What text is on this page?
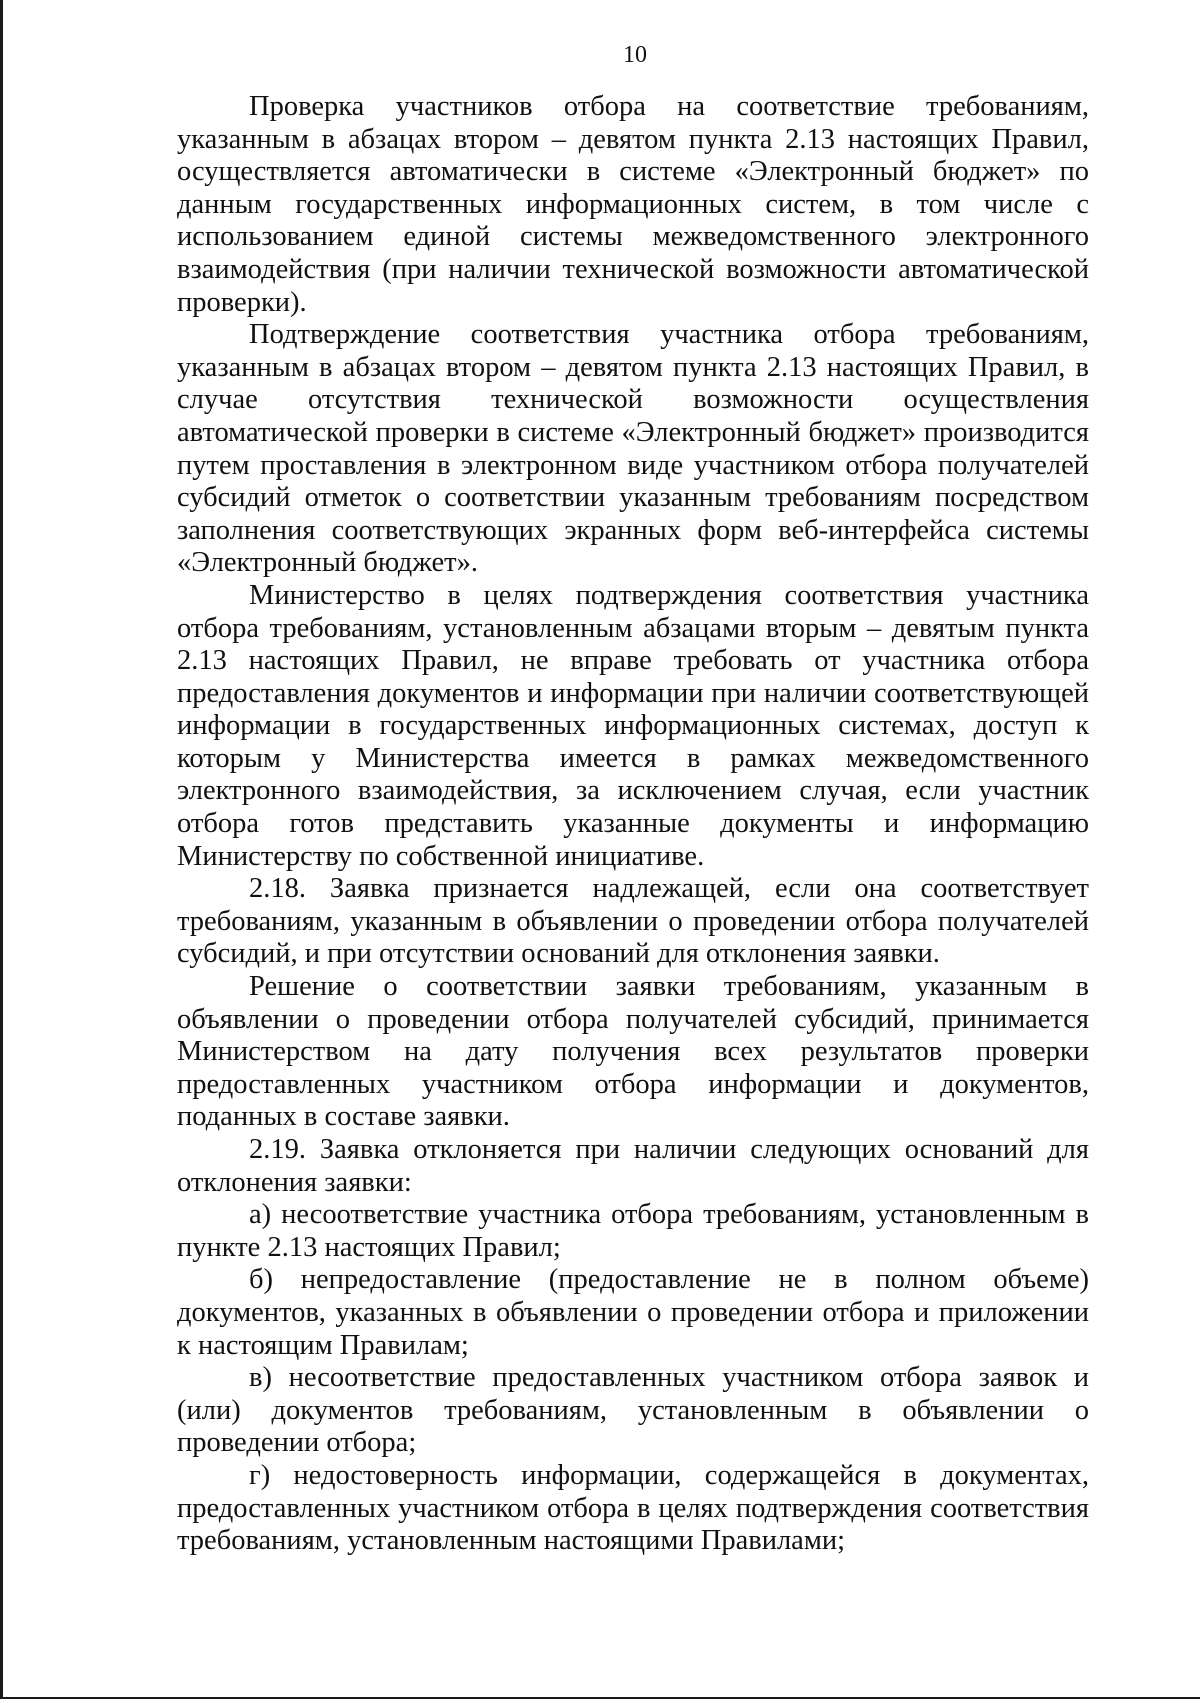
10

Проверка участников отбора на соответствие требованиям, указанным в абзацах втором – девятом пункта 2.13 настоящих Правил, осуществляется автоматически в системе «Электронный бюджет» по данным государственных информационных систем, в том числе с использованием единой системы межведомственного электронного взаимодействия (при наличии технической возможности автоматической проверки).

Подтверждение соответствия участника отбора требованиям, указанным в абзацах втором – девятом пункта 2.13 настоящих Правил, в случае отсутствия технической возможности осуществления автоматической проверки в системе «Электронный бюджет» производится путем проставления в электронном виде участником отбора получателей субсидий отметок о соответствии указанным требованиям посредством заполнения соответствующих экранных форм веб-интерфейса системы «Электронный бюджет».

Министерство в целях подтверждения соответствия участника отбора требованиям, установленным абзацами вторым – девятым пункта 2.13 настоящих Правил, не вправе требовать от участника отбора предоставления документов и информации при наличии соответствующей информации в государственных информационных системах, доступ к которым у Министерства имеется в рамках межведомственного электронного взаимодействия, за исключением случая, если участник отбора готов представить указанные документы и информацию Министерству по собственной инициативе.

2.18. Заявка признается надлежащей, если она соответствует требованиям, указанным в объявлении о проведении отбора получателей субсидий, и при отсутствии оснований для отклонения заявки.

Решение о соответствии заявки требованиям, указанным в объявлении о проведении отбора получателей субсидий, принимается Министерством на дату получения всех результатов проверки предоставленных участником отбора информации и документов, поданных в составе заявки.

2.19. Заявка отклоняется при наличии следующих оснований для отклонения заявки:

а) несоответствие участника отбора требованиям, установленным в пункте 2.13 настоящих Правил;

б) непредоставление (предоставление не в полном объеме) документов, указанных в объявлении о проведении отбора и приложении к настоящим Правилам;

в) несоответствие предоставленных участником отбора заявок и (или) документов требованиям, установленным в объявлении о проведении отбора;

г) недостоверность информации, содержащейся в документах, предоставленных участником отбора в целях подтверждения соответствия требованиям, установленным настоящими Правилами;
